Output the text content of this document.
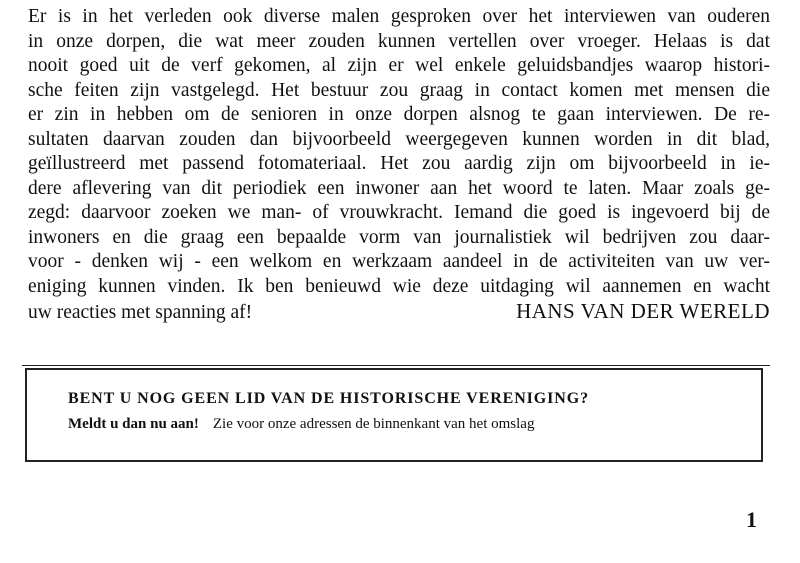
Er is in het verleden ook diverse malen gesproken over het interviewen van ouderen
in onze dorpen, die wat meer zouden kunnen vertellen over vroeger. Helaas is dat
nooit goed uit de verf gekomen, al zijn er wel enkele geluidsbandjes waarop histori-
sche feiten zijn vastgelegd. Het bestuur zou graag in contact komen met mensen die
er zin in hebben om de senioren in onze dorpen alsnog te gaan interviewen. De re-
sultaten daarvan zouden dan bijvoorbeeld weergegeven kunnen worden in dit blad,
geïllustreerd met passend fotomateriaal. Het zou aardig zijn om bijvoorbeeld in ie-
dere aflevering van dit periodiek een inwoner aan het woord te laten. Maar zoals ge-
zegd: daarvoor zoeken we man- of vrouwkracht. Iemand die goed is ingevoerd bij de
inwoners en die graag een bepaalde vorm van journalistiek wil bedrijven zou daar-
voor - denken wij - een welkom en werkzaam aandeel in de activiteiten van uw ver-
eniging kunnen vinden. Ik ben benieuwd wie deze uitdaging wil aannemen en wacht
uw reacties met spanning af!	HANS VAN DER WERELD
BENT U NOG GEEN LID VAN DE HISTORISCHE VERENIGING?
Meldt u dan nu aan! Zie voor onze adressen de binnenkant van het omslag
1
